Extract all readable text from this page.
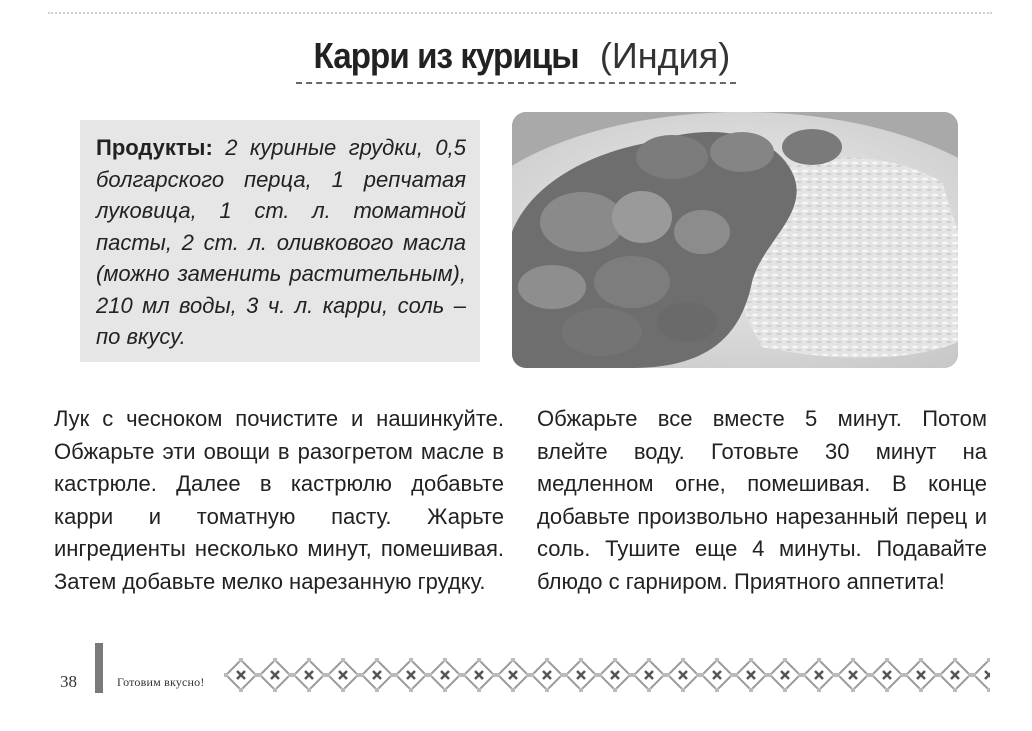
Карри из курицы (Индия)
Продукты: 2 куриные грудки, 0,5 болгарского перца, 1 репчатая луковица, 1 ст. л. томатной пасты, 2 ст. л. оливкового масла (можно заменить растительным), 210 мл воды, 3 ч. л. карри, соль – по вкусу.
Лук с чесноком почистите и нашинкуйте. Обжарьте эти овощи в разогретом масле в кастрюле. Далее в кастрюлю добавьте карри и томатную пасту. Жарьте ингредиенты несколько минут, помешивая. Затем добавьте мелко нарезанную грудку.
Обжарьте все вместе 5 минут. Потом влейте воду. Готовьте 30 минут на медленном огне, помешивая. В конце добавьте произвольно нарезанный перец и соль. Тушите еще 4 минуты. Подавайте блюдо с гарниром. Приятного аппетита!
38	Готовим вкусно!
